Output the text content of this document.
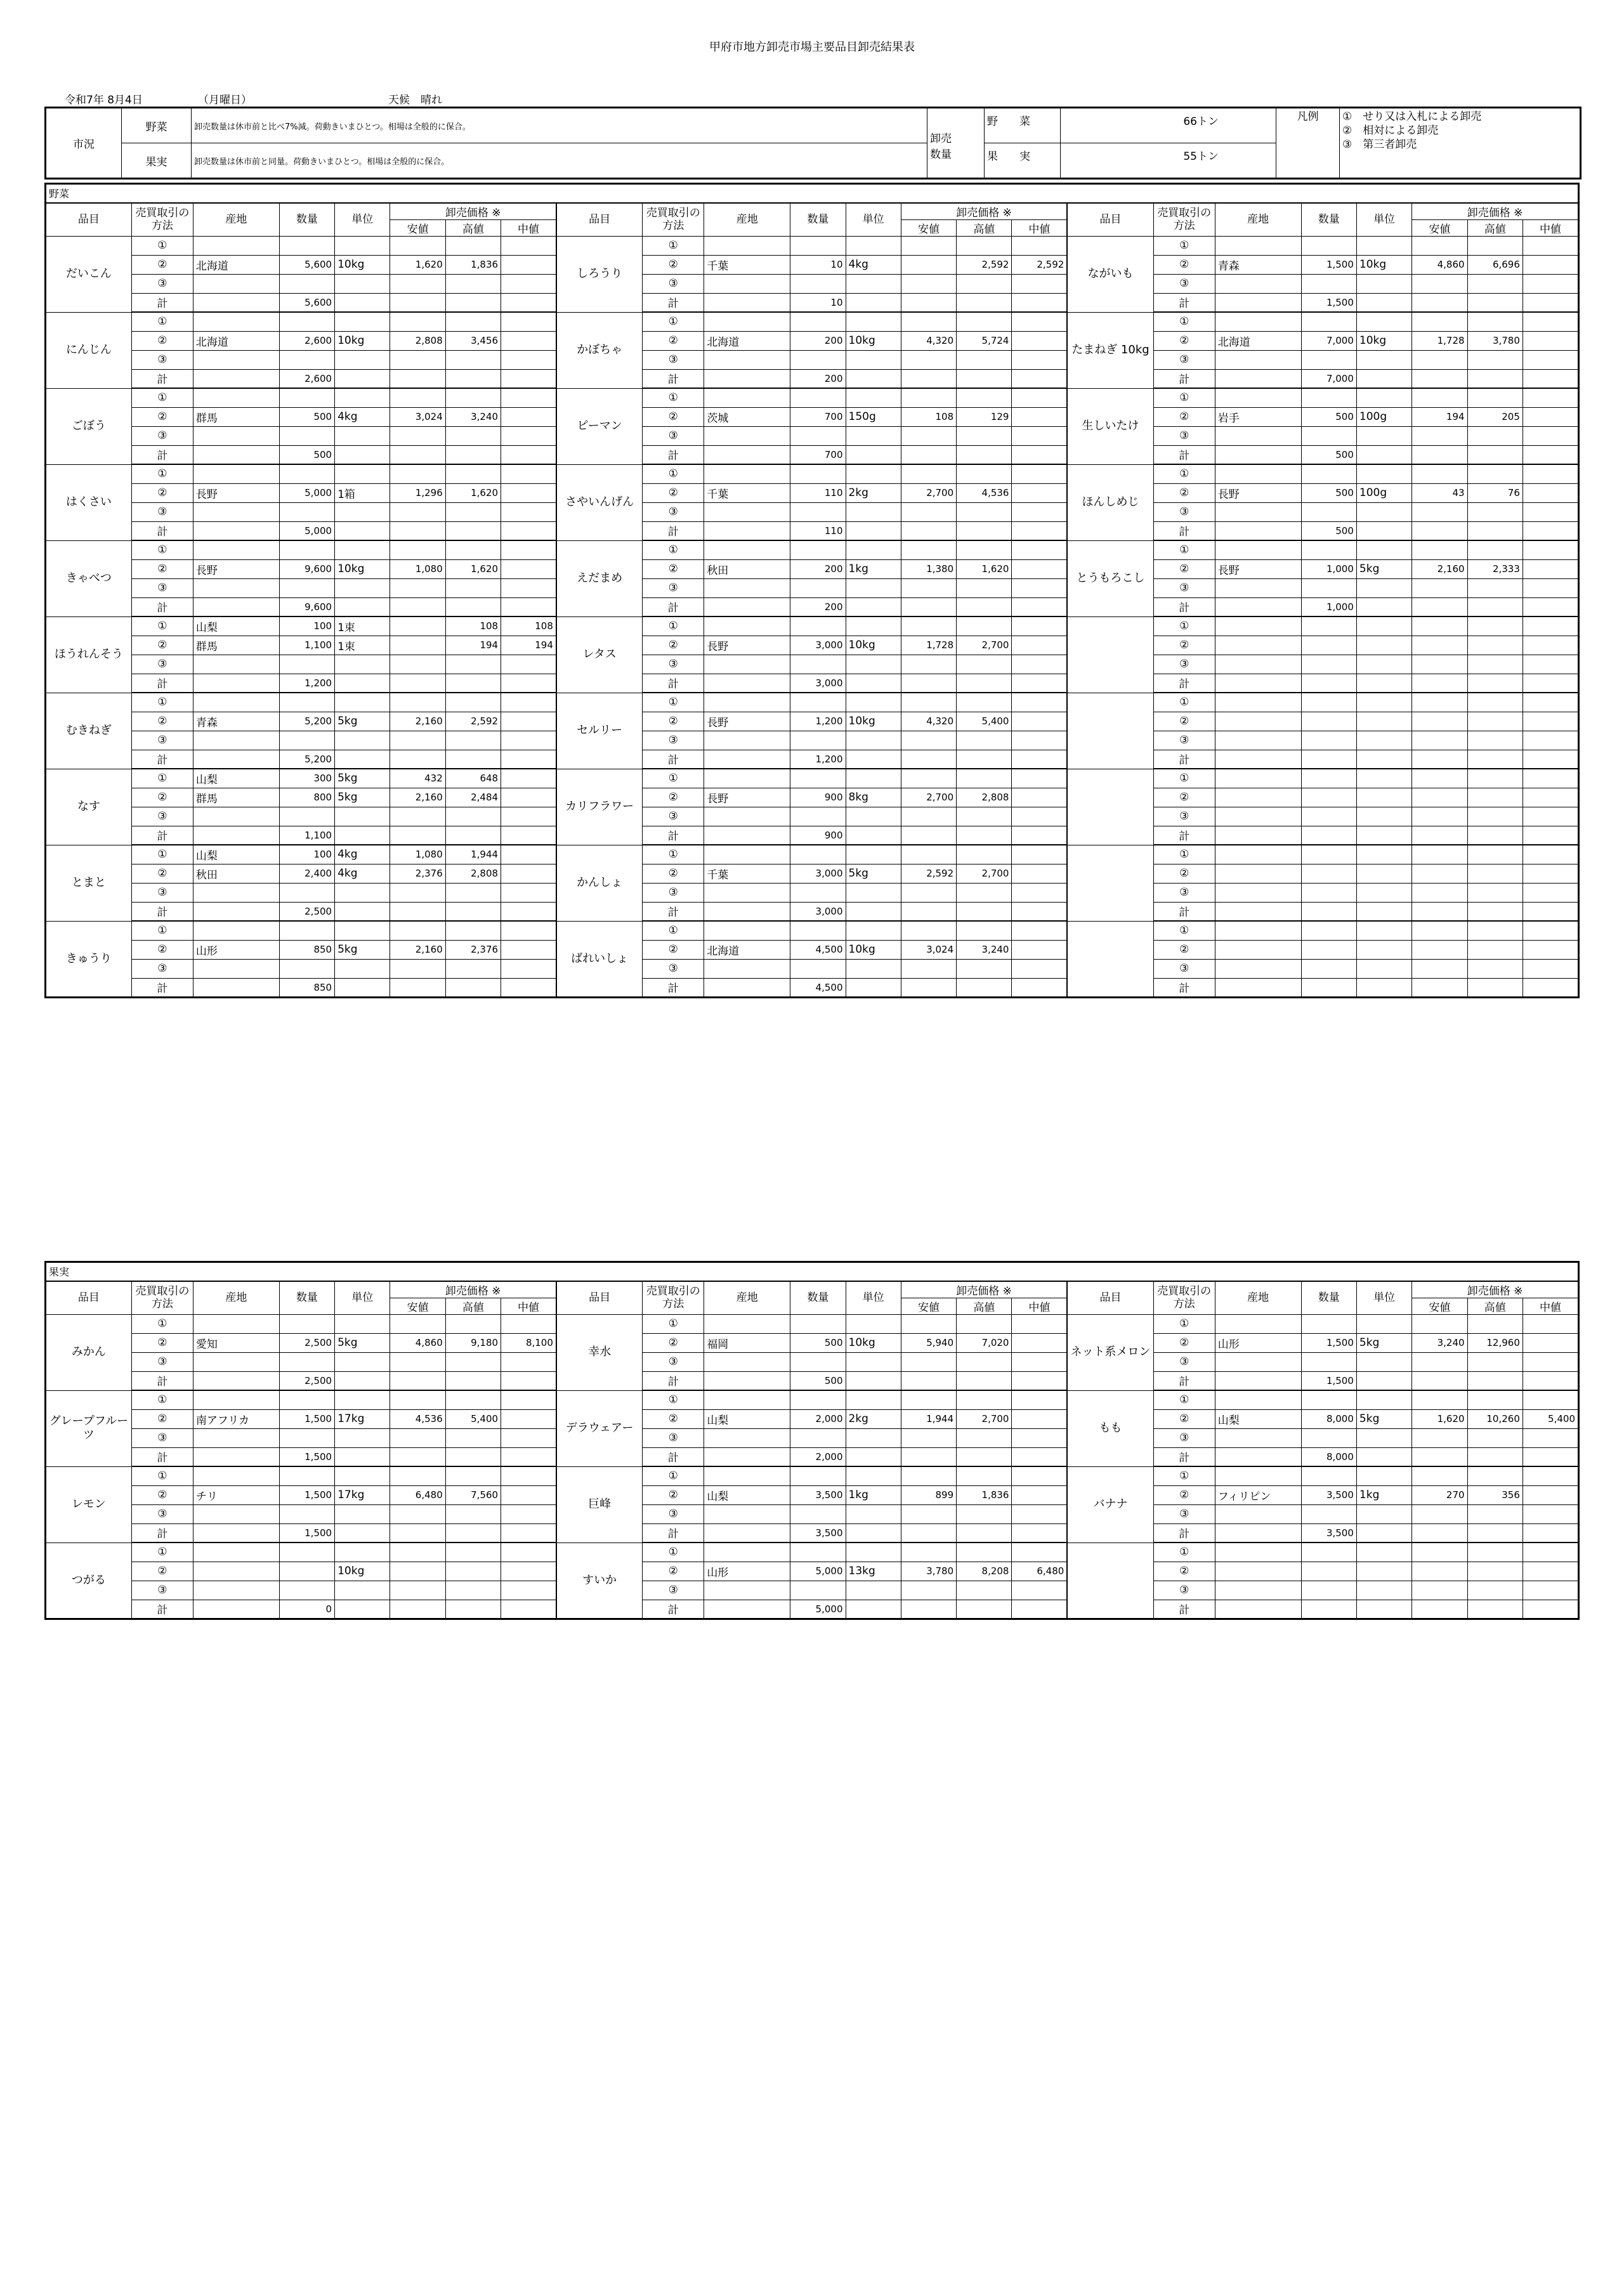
甲府市地方卸売市場主要品目卸売結果表
令和7年 8月4日	（月曜日）	天候　晴れ
市況	野菜	卸売数量は休市前と比べ7%減。荷動きいまひとつ。相場は全般的に保合。	卸売
数量	野　　菜	66トン	凡例	①　せり又は入札による卸売
②　相対による卸売
③　第三者卸売
	果実	卸売数量は休市前と同量。荷動きいまひとつ。相場は全般的に保合。		果　　実	55トン		
野菜																							
品目	売買取引の方法	産地	数量	単位	卸売価格 ※			品目	売買取引の方法	産地	数量	単位	卸売価格 ※			品目	売買取引の方法	産地	数量	単位	卸売価格 ※		
					安値	高値	中値						安値	高値	中値						安値	高値	中値
だいこん	①							しろうり	①							ながいも	①						
	②	北海道	5,600	10kg	1,620	1,836			②	千葉	10	4kg		2,592	2,592		②	青森	1,500	10kg	4,860	6,696	
	③								③								③						
	計		5,600						計		10						計		1,500				
にんじん	①							かぼちゃ	①							たまねぎ 10kg	①						
	②	北海道	2,600	10kg	2,808	3,456			②	北海道	200	10kg	4,320	5,724			②	北海道	7,000	10kg	1,728	3,780	
	③								③								③						
	計		2,600						計		200						計		7,000				
ごぼう	①							ピーマン	①							生しいたけ	①						
	②	群馬	500	4kg	3,024	3,240			②	茨城	700	150g	108	129			②	岩手	500	100g	194	205	
	③								③								③						
	計		500						計		700						計		500				
はくさい	①							さやいんげん	①							ほんしめじ	①						
	②	長野	5,000	1箱	1,296	1,620			②	千葉	110	2kg	2,700	4,536			②	長野	500	100g	43	76	
	③								③								③						
	計		5,000						計		110						計		500				
きゃべつ	①							えだまめ	①							とうもろこし	①						
	②	長野	9,600	10kg	1,080	1,620			②	秋田	200	1kg	1,380	1,620			②	長野	1,000	5kg	2,160	2,333	
	③								③								③						
	計		9,600						計		200						計		1,000				
ほうれんそう	①	山梨	100	1束		108	108	レタス	①								①						
	②	群馬	1,100	1束		194	194		②	長野	3,000	10kg	1,728	2,700			②						
	③								③								③						
	計		1,200						計		3,000						計						
むきねぎ	①							セルリー	①								①						
	②	青森	5,200	5kg	2,160	2,592			②	長野	1,200	10kg	4,320	5,400			②						
	③								③								③						
	計		5,200						計		1,200						計						
なす	①	山梨	300	5kg	432	648		カリフラワー	①								①						
	②	群馬	800	5kg	2,160	2,484			②	長野	900	8kg	2,700	2,808			②						
	③								③								③						
	計		1,100						計		900						計						
とまと	①	山梨	100	4kg	1,080	1,944		かんしょ	①								①						
	②	秋田	2,400	4kg	2,376	2,808			②	千葉	3,000	5kg	2,592	2,700			②						
	③								③								③						
	計		2,500						計		3,000						計						
きゅうり	①							ばれいしょ	①								①						
	②	山形	850	5kg	2,160	2,376			②	北海道	4,500	10kg	3,024	3,240			②						
	③								③								③						
	計		850						計		4,500						計						
果実																							
品目	売買取引の方法	産地	数量	単位	卸売価格 ※			品目	売買取引の方法	産地	数量	単位	卸売価格 ※			品目	売買取引の方法	産地	数量	単位	卸売価格 ※		
					安値	高値	中値						安値	高値	中値						安値	高値	中値
みかん	①							幸水	①							ネット系メロン	①						
	②	愛知	2,500	5kg	4,860	9,180	8,100		②	福岡	500	10kg	5,940	7,020			②	山形	1,500	5kg	3,240	12,960	
	③								③								③						
	計		2,500						計		500						計		1,500				
グレープフルーツ	①							デラウェアー	①							もも	①						
	②	南アフリカ	1,500	17kg	4,536	5,400			②	山梨	2,000	2kg	1,944	2,700			②	山梨	8,000	5kg	1,620	10,260	5,400
	③								③								③						
	計		1,500						計		2,000						計		8,000				
レモン	①							巨峰	①							バナナ	①						
	②	チリ	1,500	17kg	6,480	7,560			②	山梨	3,500	1kg	899	1,836			②	フィリピン	3,500	1kg	270	356	
	③								③								③						
	計		1,500						計		3,500						計		3,500				
つがる	①							すいか	①								①						
	②			10kg					②	山形	5,000	13kg	3,780	8,208	6,480		②						
	③								③								③						
	計		0						計		5,000						計						
